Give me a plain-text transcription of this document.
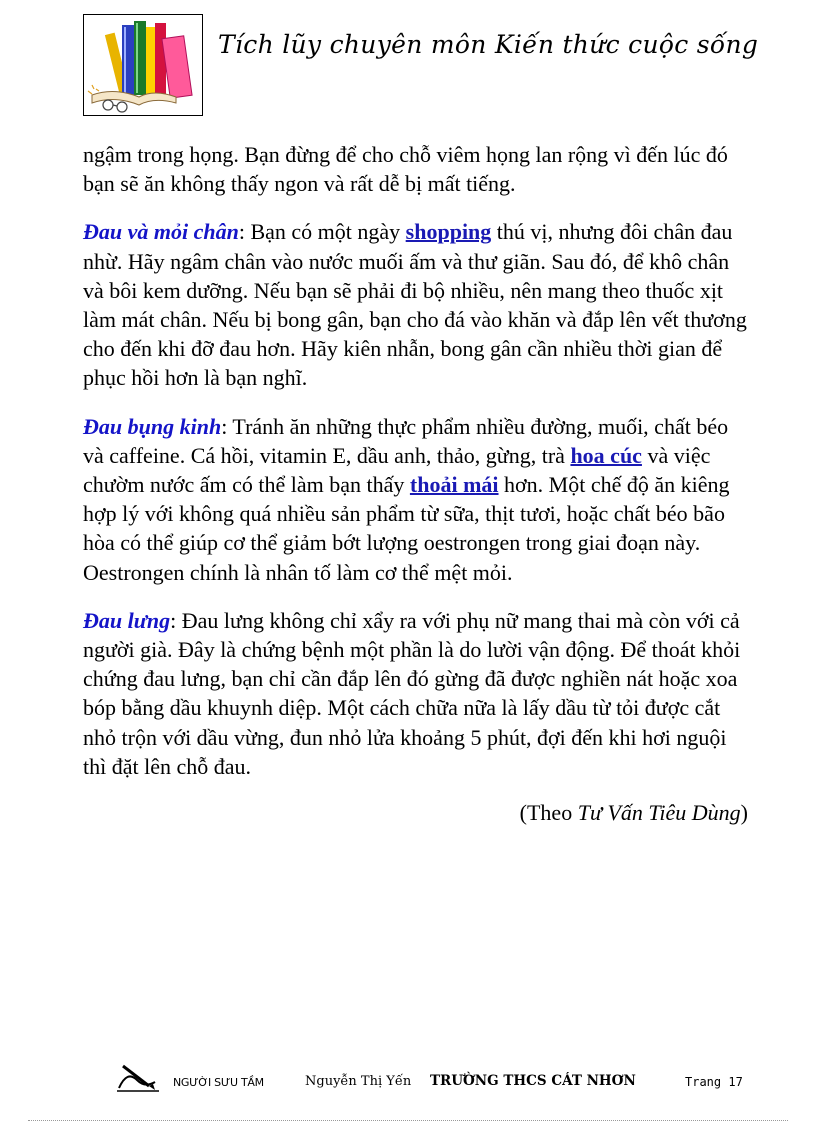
Tích lũy chuyên môn Kiến thức cuộc sống

ngậm trong họng. Bạn đừng để cho chỗ viêm họng lan rộng vì đến lúc đó bạn sẽ ăn không thấy ngon và rất dễ bị mất tiếng.

Đau và mỏi chân: Bạn có một ngày shopping thú vị, nhưng đôi chân đau nhừ. Hãy ngâm chân vào nước muối ấm và thư giãn. Sau đó, để khô chân và bôi kem dưỡng. Nếu bạn sẽ phải đi bộ nhiều, nên mang theo thuốc xịt làm mát chân. Nếu bị bong gân, bạn cho đá vào khăn và đắp lên vết thương cho đến khi đỡ đau hơn. Hãy kiên nhẫn, bong gân cần nhiều thời gian để phục hồi hơn là bạn nghĩ.

Đau bụng kinh: Tránh ăn những thực phẩm nhiều đường, muối, chất béo và caffeine. Cá hồi, vitamin E, dầu anh, thảo, gừng, trà hoa cúc và việc chườm nước ấm có thể làm bạn thấy thoải mái hơn. Một chế độ ăn kiêng hợp lý với không quá nhiều sản phẩm từ sữa, thịt tươi, hoặc chất béo bão hòa có thể giúp cơ thể giảm bớt lượng oestrongen trong giai đoạn này. Oestrongen chính là nhân tố làm cơ thể mệt mỏi.

Đau lưng: Đau lưng không chỉ xẩy ra với phụ nữ mang thai mà còn với cả người già. Đây là chứng bệnh một phần là do lười vận động. Để thoát khỏi chứng đau lưng, bạn chỉ cần đắp lên đó gừng đã được nghiền nát hoặc xoa bóp bằng dầu khuynh diệp. Một cách chữa nữa là lấy dầu từ tỏi được cắt nhỏ trộn với dầu vừng, đun nhỏ lửa khoảng 5 phút, đợi đến khi hơi nguội thì đặt lên chỗ đau.

(Theo Tư Vấn Tiêu Dùng)
NGƯỜI SƯU TẦM	Nguyễn Thị Yến TRƯỜNG THCS CÁT NHƠN	Trang 17
